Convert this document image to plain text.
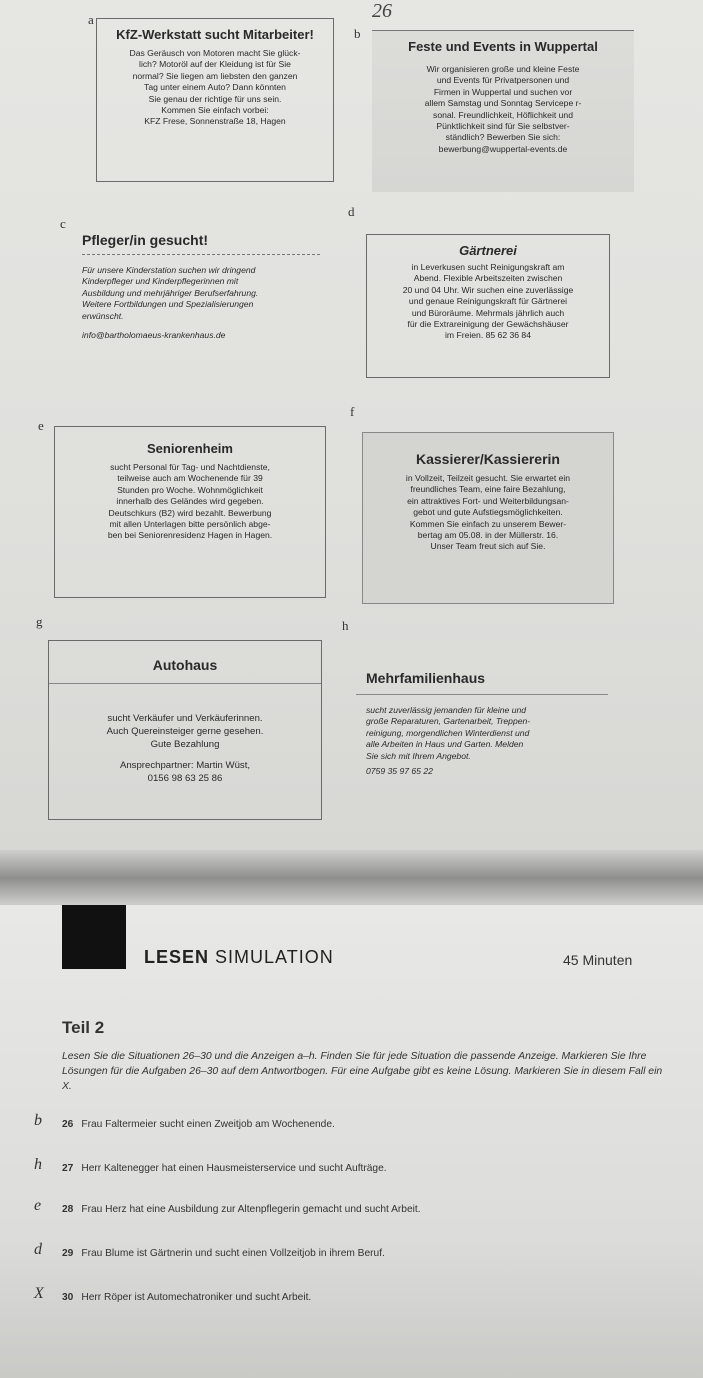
26
a
KfZ-Werkstatt sucht Mitarbeiter!
Das Geräusch von Motoren macht Sie glück-
lich? Motoröl auf der Kleidung ist für Sie
normal? Sie liegen am liebsten den ganzen
Tag unter einem Auto? Dann könnten
Sie genau der richtige für uns sein.
Kommen Sie einfach vorbei:
KFZ Frese, Sonnenstraße 18, Hagen
b
Feste und Events in Wuppertal
Wir organisieren große und kleine Feste
und Events für Privatpersonen und
Firmen in Wuppertal und suchen vor
allem Samstag und Sonntag Servicepe r-
sonal. Freundlichkeit, Höflichkeit und
Pünktlichkeit sind für Sie selbstver-
ständlich? Bewerben Sie sich:
bewerbung@wuppertal-events.de
c
Pfleger/in gesucht!
Für unsere Kinderstation suchen wir dringend
Kinderpfleger und Kinderpflegerinnen mit
Ausbildung und mehrjähriger Berufserfahrung.
Weitere Fortbildungen und Spezialisierungen
erwünscht.
info@bartholomaeus-krankenhaus.de
d
Gärtnerei
in Leverkusen sucht Reinigungskraft am
Abend. Flexible Arbeitszeiten zwischen
20 und 04 Uhr. Wir suchen eine zuverlässige
und genaue Reinigungskraft für Gärtnerei
und Büroräume. Mehrmals jährlich auch
für die Extrareinigung der Gewächshäuser
im Freien. 85 62 36 84
e
Seniorenheim
sucht Personal für Tag- und Nachtdienste,
teilweise auch am Wochenende für 39
Stunden pro Woche. Wohnmöglichkeit
innerhalb des Geländes wird gegeben.
Deutschkurs (B2) wird bezahlt. Bewerbung
mit allen Unterlagen bitte persönlich abge-
ben bei Seniorenresidenz Hagen in Hagen.
f
Kassierer/Kassiererin
in Vollzeit, Teilzeit gesucht. Sie erwartet ein
freundliches Team, eine faire Bezahlung,
ein attraktives Fort- und Weiterbildungsan-
gebot und gute Aufstiegsmöglichkeiten.
Kommen Sie einfach zu unserem Bewer-
bertag am 05.08. in der Müllerstr. 16.
Unser Team freut sich auf Sie.
g
Autohaus
sucht Verkäufer und Verkäuferinnen.
Auch Quereinsteiger gerne gesehen.
Gute Bezahlung
Ansprechpartner: Martin Wüst,
0156 98 63 25 86
h
Mehrfamilienhaus
sucht zuverlässig jemanden für kleine und
große Reparaturen, Gartenarbeit, Treppen-
reinigung, morgendlichen Winterdienst und
alle Arbeiten in Haus und Garten. Melden
Sie sich mit Ihrem Angebot.
0759 35 97 65 22
LESEN SIMULATION	45 Minuten
Teil 2
Lesen Sie die Situationen 26–30 und die Anzeigen a–h. Finden Sie für jede Situation die passende Anzeige. Markieren Sie Ihre Lösungen für die Aufgaben 26–30 auf dem Antwortbogen. Für eine Aufgabe gibt es keine Lösung. Markieren Sie in diesem Fall ein X.
b 26 Frau Faltermeier sucht einen Zweitjob am Wochenende.
h 27 Herr Kaltenegger hat einen Hausmeisterservice und sucht Aufträge.
e 28 Frau Herz hat eine Ausbildung zur Altenpflegerin gemacht und sucht Arbeit.
d 29 Frau Blume ist Gärtnerin und sucht einen Vollzeitjob in ihrem Beruf.
X 30 Herr Röper ist Automechatroniker und sucht Arbeit.
